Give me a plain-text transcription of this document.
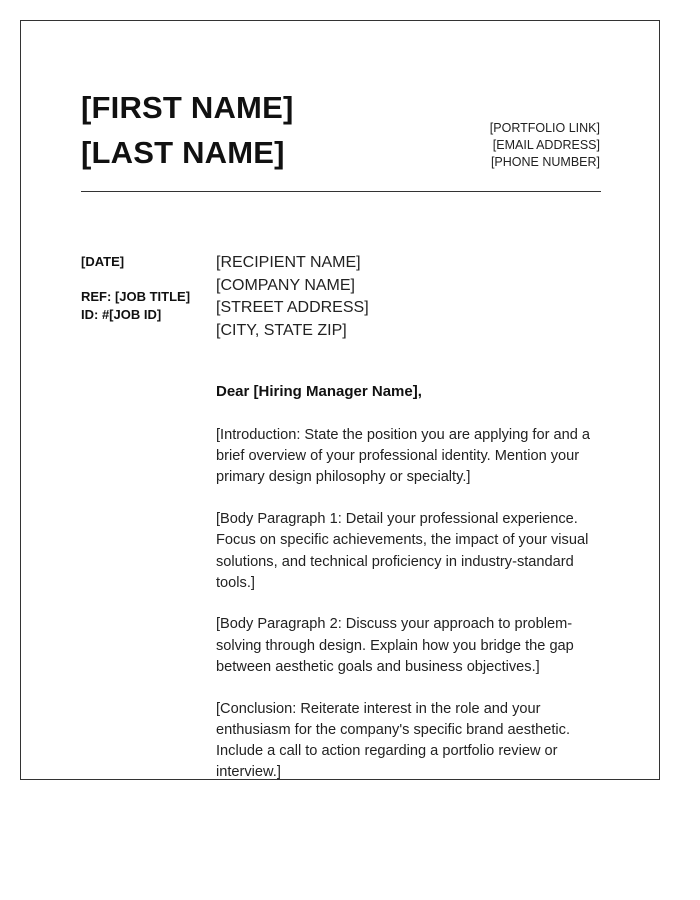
[FIRST NAME]
[LAST NAME]
[PORTFOLIO LINK]
[EMAIL ADDRESS]
[PHONE NUMBER]
[DATE]
REF: [JOB TITLE]
ID: #[JOB ID]
[RECIPIENT NAME]
[COMPANY NAME]
[STREET ADDRESS]
[CITY, STATE ZIP]
Dear [Hiring Manager Name],

[Introduction: State the position you are applying for and a brief overview of your professional identity. Mention your primary design philosophy or specialty.]

[Body Paragraph 1: Detail your professional experience. Focus on specific achievements, the impact of your visual solutions, and technical proficiency in industry-standard tools.]

[Body Paragraph 2: Discuss your approach to problem-solving through design. Explain how you bridge the gap between aesthetic goals and business objectives.]

[Conclusion: Reiterate interest in the role and your enthusiasm for the company's specific brand aesthetic. Include a call to action regarding a portfolio review or interview.]
